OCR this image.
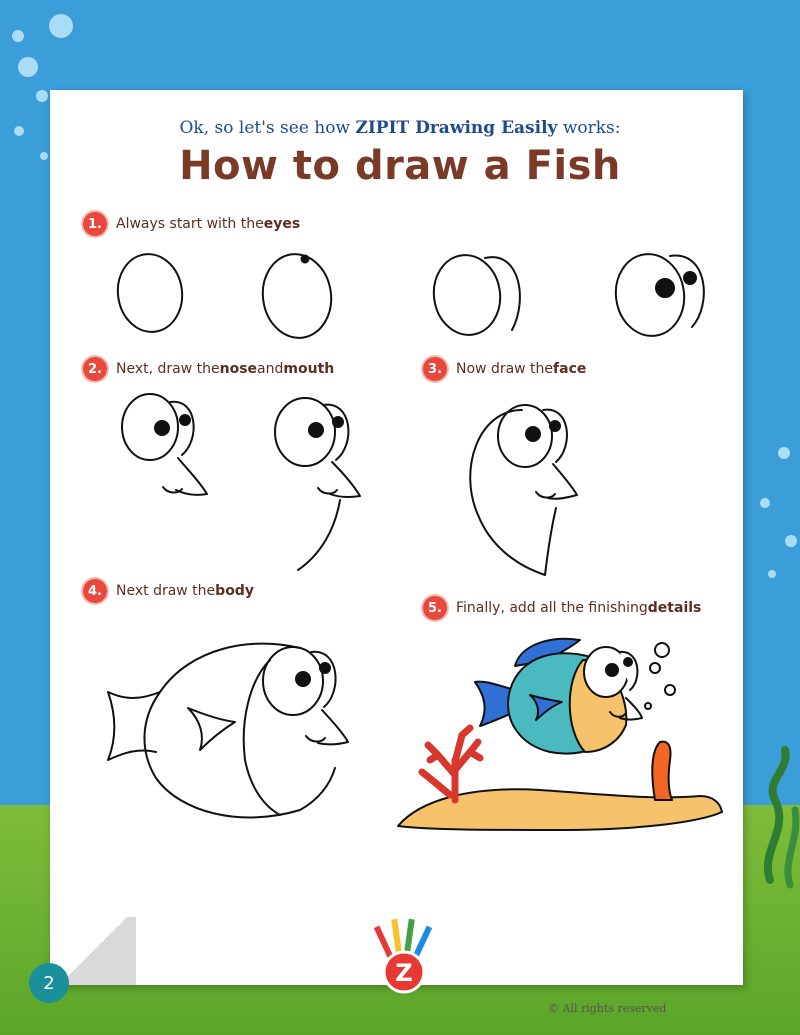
Ok, so let's see how ZIPIT Drawing Easily works:
How to draw a Fish
1.	Always start with the eyes
2.	Next, draw the nose and mouth	3.	Now draw the face
4.	Next draw the body
5.	Finally, add all the finishing details
Z
2
© All rights reserved
